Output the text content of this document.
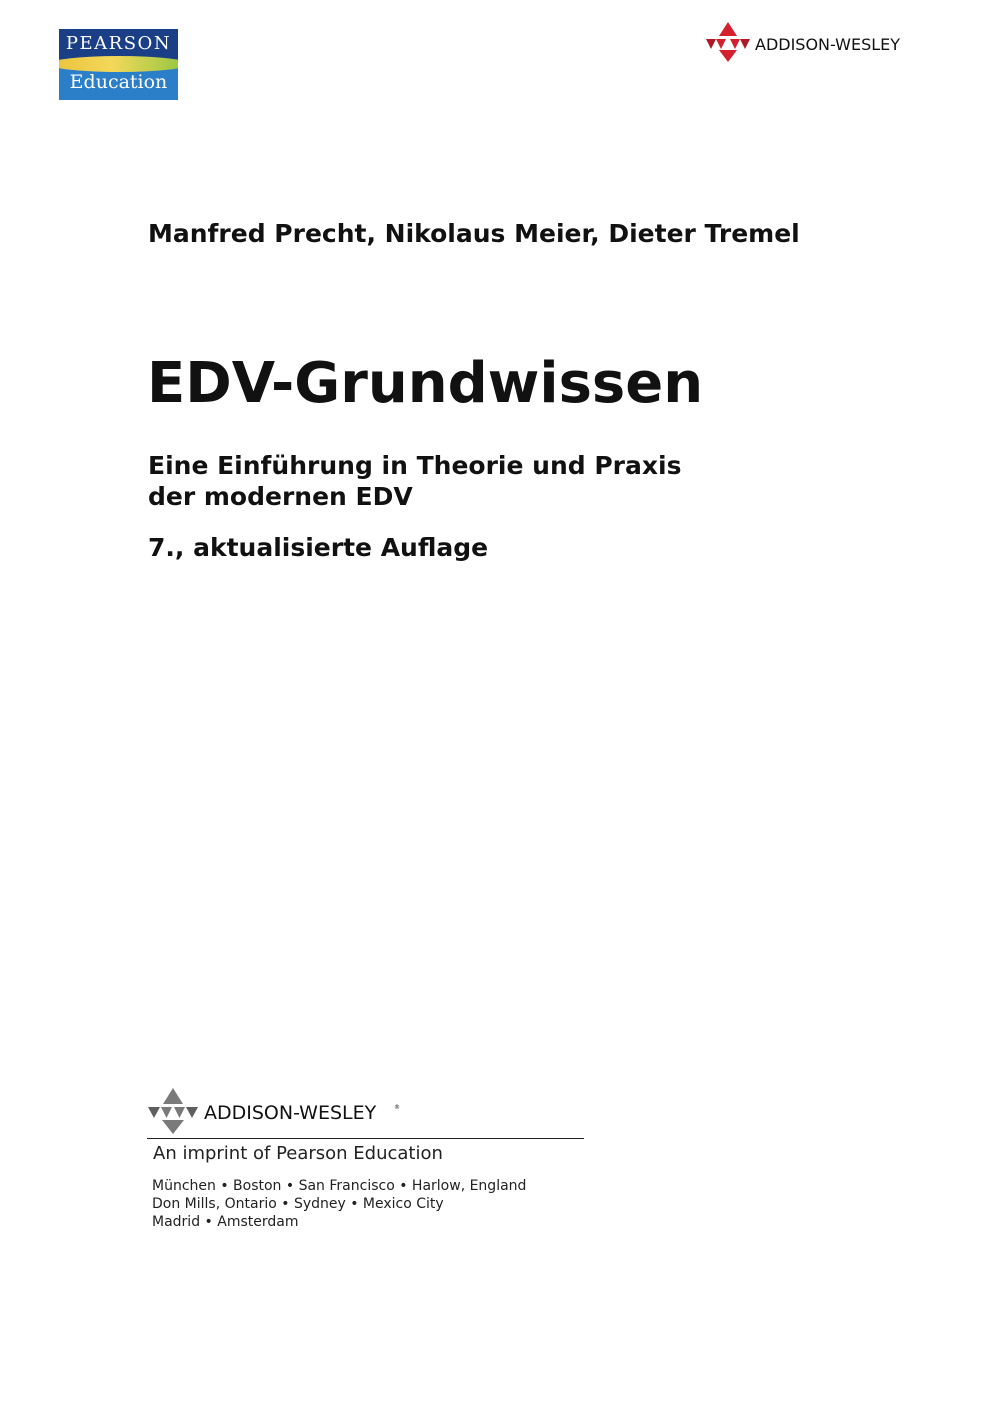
PEARSON
Education
ADDISON-WESLEY

Manfred Precht, Nikolaus Meier, Dieter Tremel

EDV-Grundwissen

Eine Einführung in Theorie und Praxis
der modernen EDV

7., aktualisierte Auflage

ADDISON-WESLEY	®

An imprint of Pearson Education

München • Boston • San Francisco • Harlow, England
Don Mills, Ontario • Sydney • Mexico City
Madrid • Amsterdam
